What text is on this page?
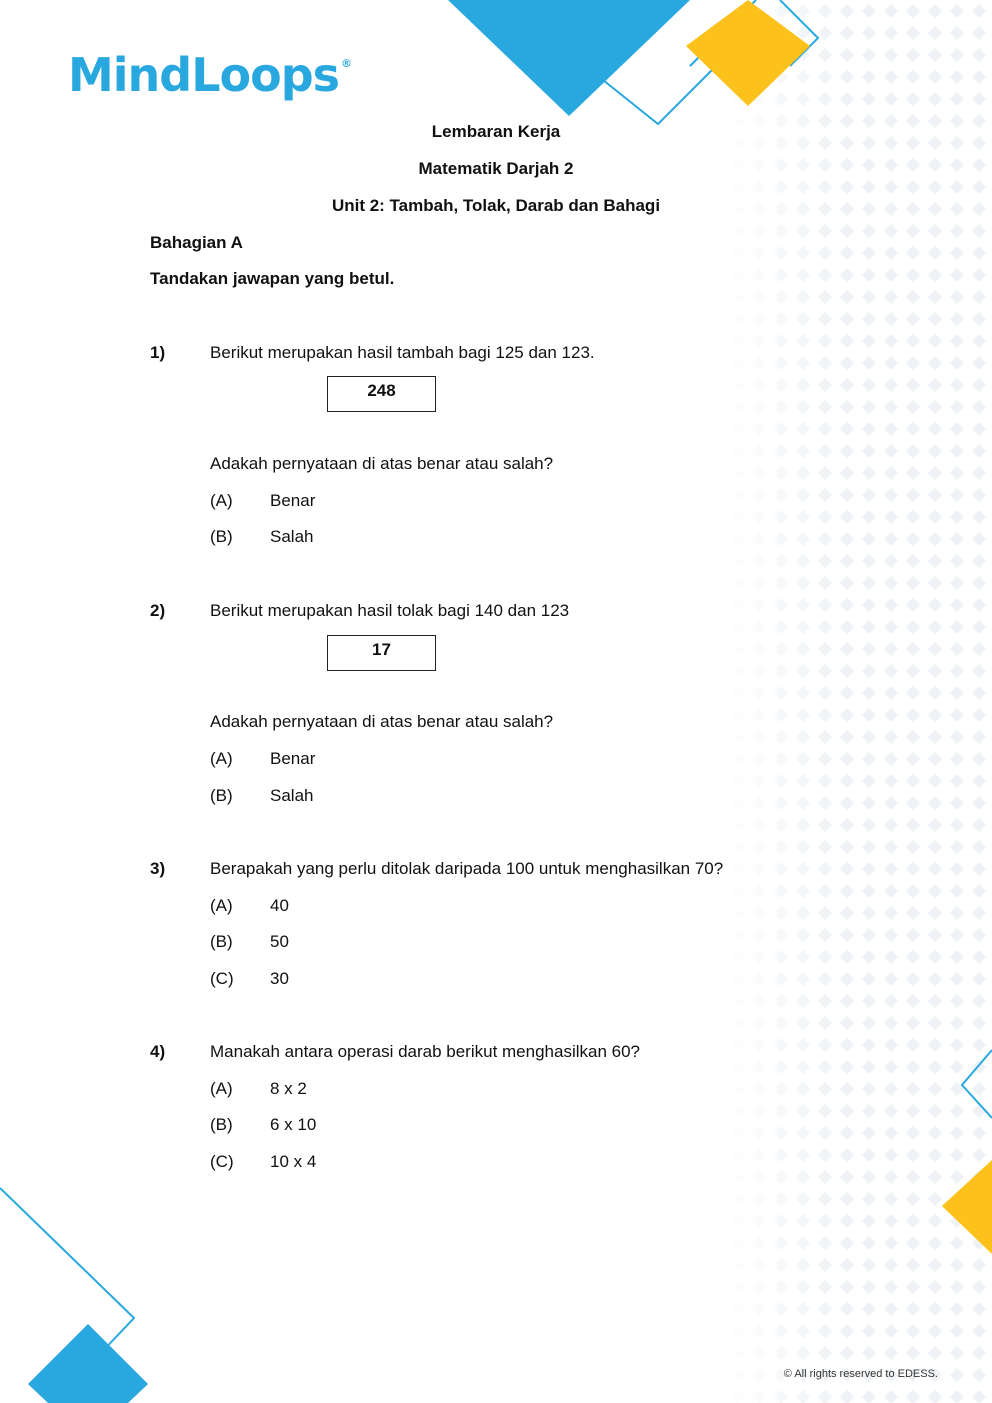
MindLoops ®
Lembaran Kerja
Matematik Darjah 2
Unit 2: Tambah, Tolak, Darab dan Bahagi
Bahagian A
Tandakan jawapan yang betul.
1)	Berikut merupakan hasil tambah bagi 125 dan 123.
248
Adakah pernyataan di atas benar atau salah?
(A) Benar
(B) Salah
2)	Berikut merupakan hasil tolak bagi 140 dan 123
17
Adakah pernyataan di atas benar atau salah?
(A) Benar
(B) Salah
3)	Berapakah yang perlu ditolak daripada 100 untuk menghasilkan 70?
(A) 40
(B) 50
(C) 30
4)	Manakah antara operasi darab berikut menghasilkan 60?
(A) 8 x 2
(B) 6 x 10
(C) 10 x 4
© All rights reserved to EDESS.
